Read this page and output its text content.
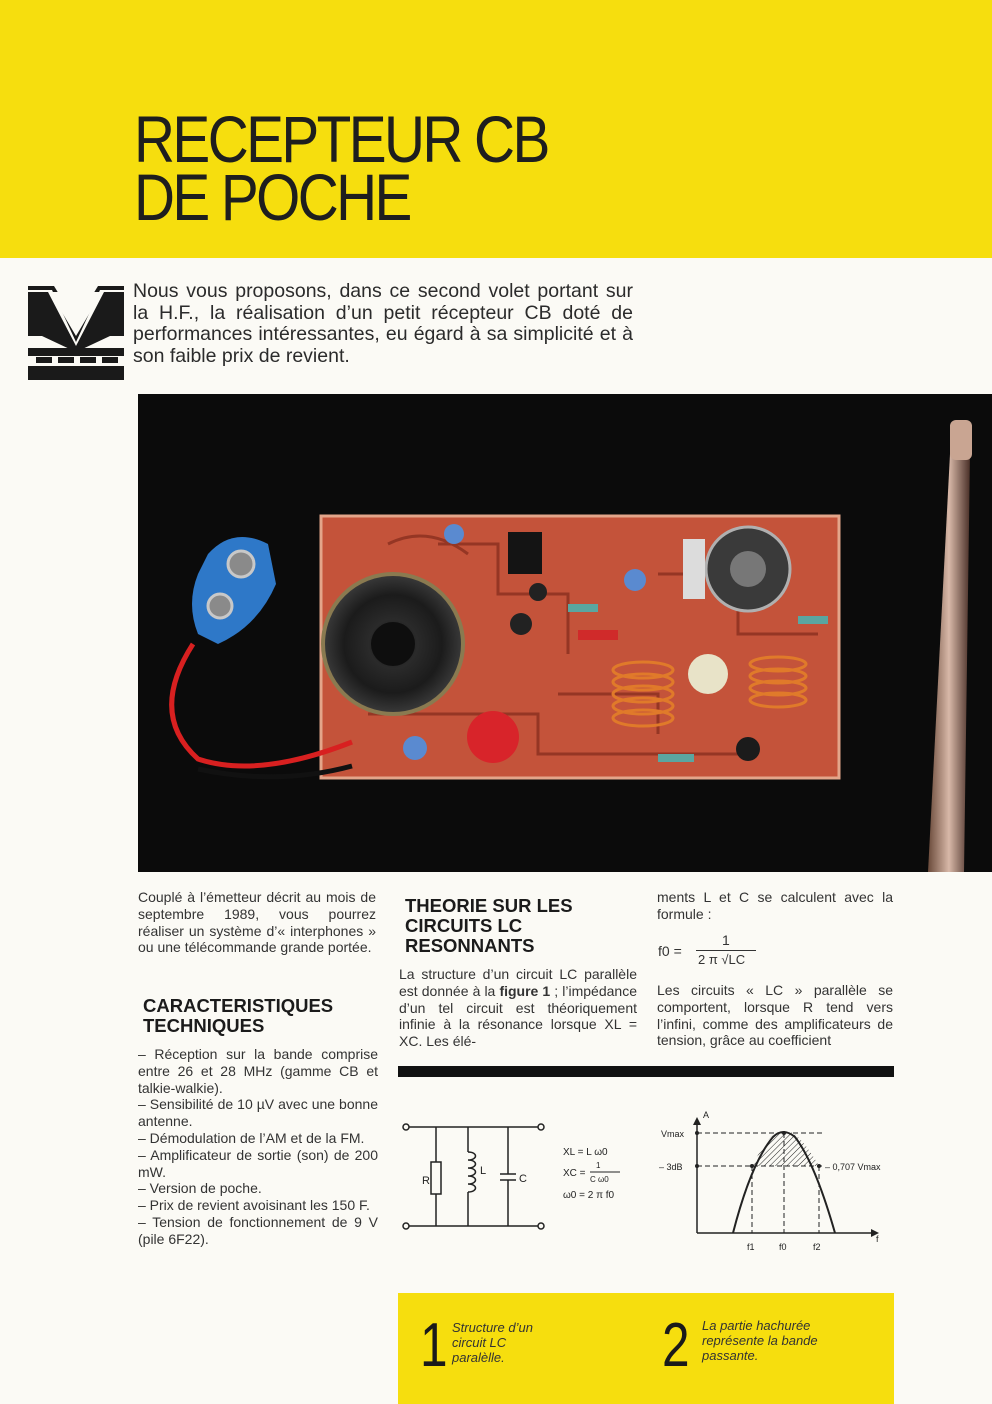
RECEPTEUR CB
DE POCHE
Nous vous proposons, dans ce second volet portant sur la H.F., la réalisation d’un petit récepteur CB doté de performances intéressantes, eu égard à sa simplicité et à son faible prix de revient.
Couplé à l’émetteur décrit au mois de septembre 1989, vous pourrez réaliser un système d’« interphones » ou une télécommande grande portée.
CARACTERISTIQUES TECHNIQUES

– Réception sur la bande comprise entre 26 et 28 MHz (gamme CB et talkie-walkie).

– Sensibilité de 10 µV avec une bonne antenne.

– Démodulation de l’AM et de la FM.

– Amplificateur de sortie (son) de 200 mW.

– Version de poche.

– Prix de revient avoisinant les 150 F.

– Tension de fonctionnement de 9 V (pile 6F22).

THEORIE SUR LES CIRCUITS LC RESONNANTS
La structure d’un circuit LC parallèle est donnée à la figure 1 ; l’impédance d’un tel circuit est théoriquement infinie à la résonance lorsque XL = XC. Les élé-
ments L et C se calculent avec la formule :
f0 =
1
2 π √LC
Les circuits « LC » parallèle se comportent, lorsque R tend vers l’infini, comme des amplificateurs de tension, grâce au coefficient
R
L
C
XL = L ω0
XC =
1
C ω0
ω0 = 2 π f0
A
f
Vmax
– 3dB	– 0,707 Vmax
f1	f0	f2
1 Structure d’un circuit LC paralèlle.	2 La partie hachurée représente la bande passante.
